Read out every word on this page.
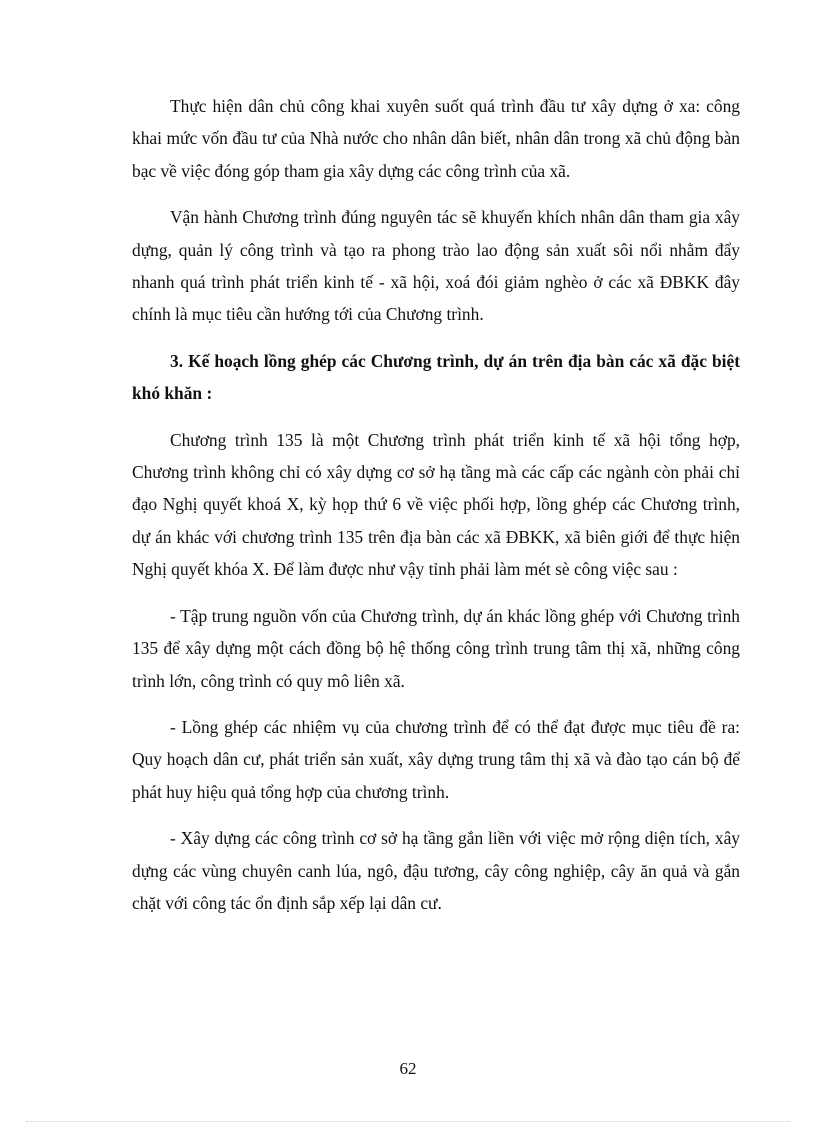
Thực hiện dân chủ công khai xuyên suốt quá trình đầu tư xây dựng ở xa: công khai mức vốn đầu tư của Nhà nước cho nhân dân biết, nhân dân trong xã chủ động bàn bạc về việc đóng góp tham gia xây dựng các công trình của xã.

Vận hành Chương trình đúng nguyên tác sẽ khuyến khích nhân dân tham gia xây dựng, quản lý công trình và tạo ra phong trào lao động sản xuất sôi nổi nhằm đẩy nhanh quá trình phát triển kinh tế - xã hội, xoá đói giảm nghèo ở các xã ĐBKK đây chính là mục tiêu cần hướng tới của Chương trình.

3. Kế hoạch lồng ghép các Chương trình, dự án trên địa bàn các xã đặc biệt khó khăn :

Chương trình 135 là một Chương trình phát triển kinh tế xã hội tổng hợp, Chương trình không chỉ có xây dựng cơ sở hạ tầng mà các cấp các ngành còn phải chỉ đạo Nghị quyết khoá X, kỳ họp thứ 6 về việc phối hợp, lồng ghép các Chương trình, dự án khác với chương trình 135 trên địa bàn các xã ĐBKK, xã biên giới để thực hiện Nghị quyết khóa X. Để làm được như vậy tỉnh phải làm mét sè công việc sau :

- Tập trung nguồn vốn của Chương trình, dự án khác lồng ghép với Chương trình 135 để xây dựng một cách đồng bộ hệ thống công trình trung tâm thị xã, những công trình lớn, công trình có quy mô liên xã.

- Lồng ghép các nhiệm vụ của chương trình để có thể đạt được mục tiêu đề ra: Quy hoạch dân cư, phát triển sản xuất, xây dựng trung tâm thị xã và đào tạo cán bộ để phát huy hiệu quả tổng hợp của chương trình.

- Xây dựng các công trình cơ sở hạ tầng gắn liền với việc mở rộng diện tích, xây dựng các vùng chuyên canh lúa, ngô, đậu tương, cây công nghiệp, cây ăn quả và gắn chặt với công tác ổn định sắp xếp lại dân cư.

62
